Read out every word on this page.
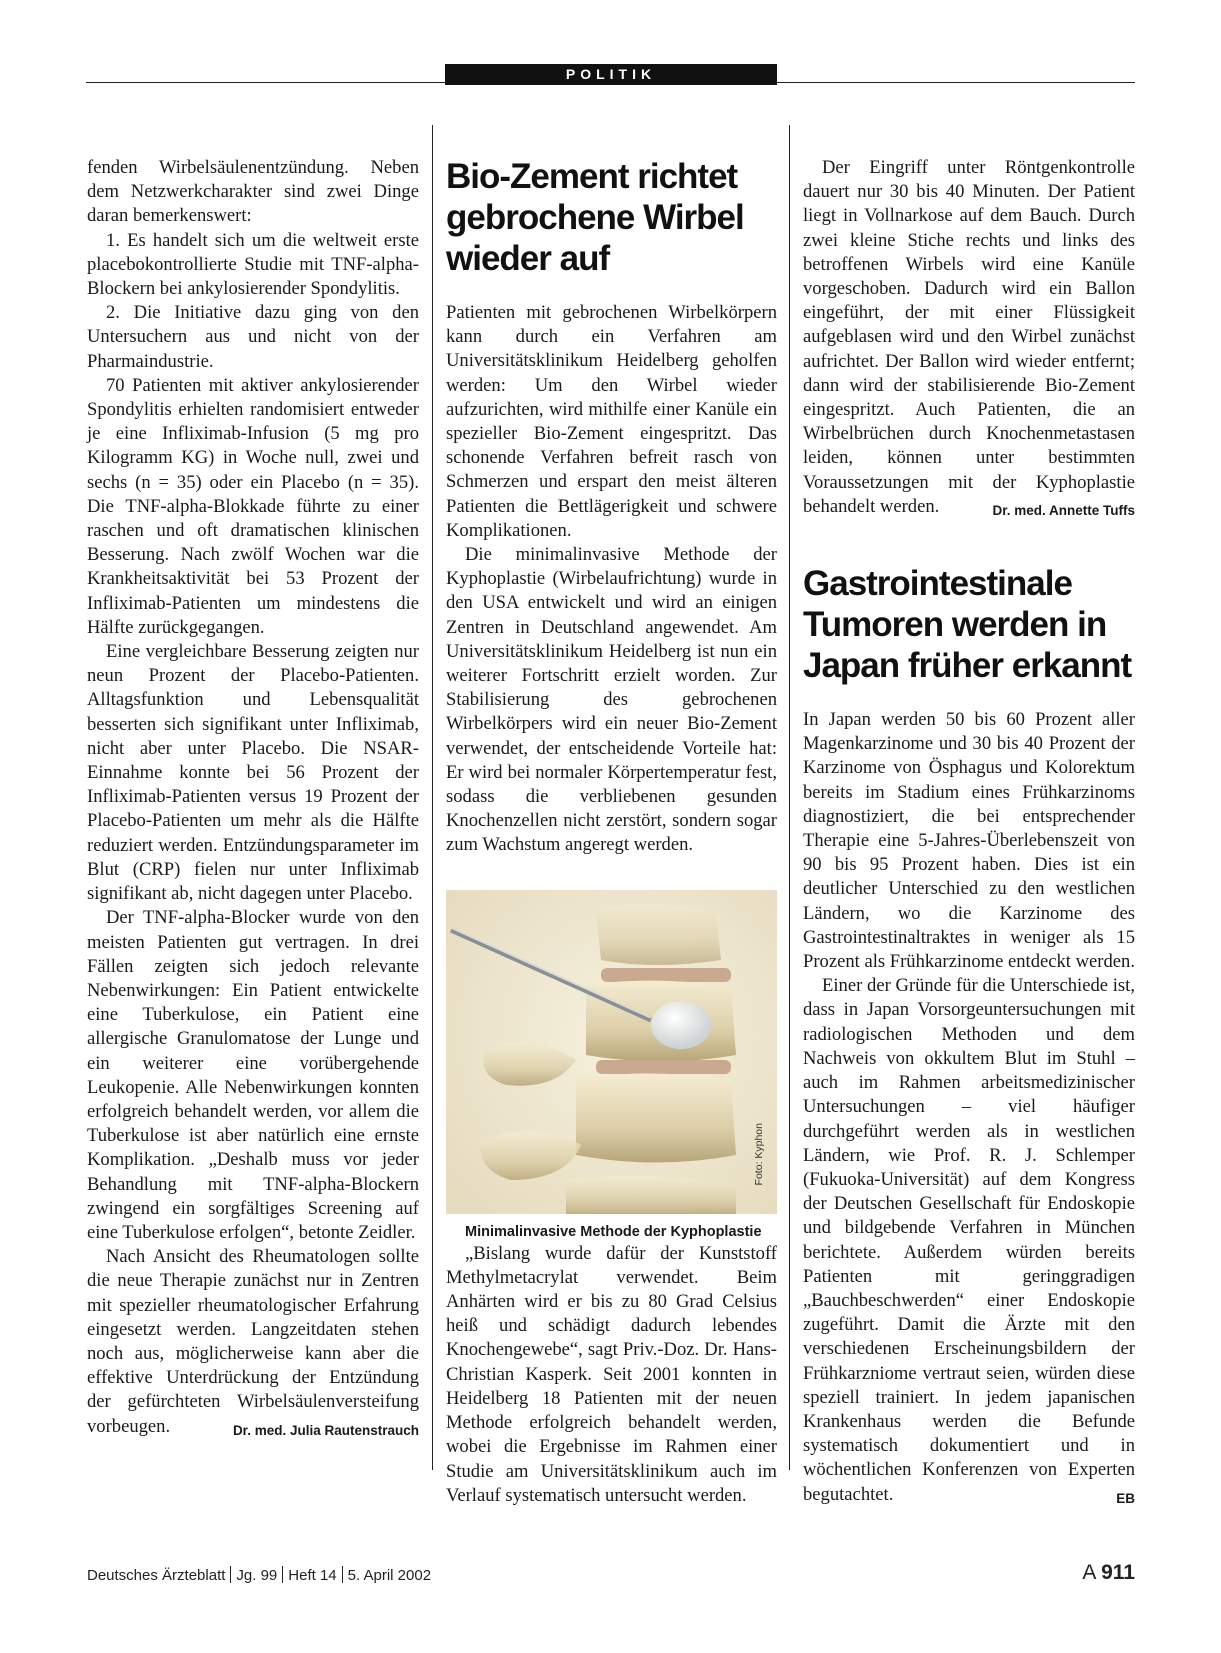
POLITIK

fenden Wirbelsäulenentzündung. Neben dem Netzwerkcharakter sind zwei Dinge daran bemerkenswert:

1. Es handelt sich um die weltweit erste placebokontrollierte Studie mit TNF-alpha-Blockern bei ankylosierender Spondylitis.

2. Die Initiative dazu ging von den Untersuchern aus und nicht von der Pharmaindustrie.

70 Patienten mit aktiver ankylosierender Spondylitis erhielten randomisiert entweder je eine Infliximab-Infusion (5 mg pro Kilogramm KG) in Woche null, zwei und sechs (n = 35) oder ein Placebo (n = 35). Die TNF-alpha-Blokkade führte zu einer raschen und oft dramatischen klinischen Besserung. Nach zwölf Wochen war die Krankheitsaktivität bei 53 Prozent der Infliximab-Patienten um mindestens die Hälfte zurückgegangen.

Eine vergleichbare Besserung zeigten nur neun Prozent der Placebo-Patienten. Alltagsfunktion und Lebensqualität besserten sich signifikant unter Infliximab, nicht aber unter Placebo. Die NSAR-Einnahme konnte bei 56 Prozent der Infliximab-Patienten versus 19 Prozent der Placebo-Patienten um mehr als die Hälfte reduziert werden. Entzündungsparameter im Blut (CRP) fielen nur unter Infliximab signifikant ab, nicht dagegen unter Placebo.

Der TNF-alpha-Blocker wurde von den meisten Patienten gut vertragen. In drei Fällen zeigten sich jedoch relevante Nebenwirkungen: Ein Patient entwickelte eine Tuberkulose, ein Patient eine allergische Granulomatose der Lunge und ein weiterer eine vorübergehende Leukopenie. Alle Nebenwirkungen konnten erfolgreich behandelt werden, vor allem die Tuberkulose ist aber natürlich eine ernste Komplikation. „Deshalb muss vor jeder Behandlung mit TNF-alpha-Blockern zwingend ein sorgfältiges Screening auf eine Tuberkulose erfolgen“, betonte Zeidler.

Nach Ansicht des Rheumatologen sollte die neue Therapie zunächst nur in Zentren mit spezieller rheumatologischer Erfahrung eingesetzt werden. Langzeitdaten stehen noch aus, möglicherweise kann aber die effektive Unterdrückung der Entzündung der gefürchteten Wirbelsäulenversteifung vorbeugen.	Dr. med. Julia Rautenstrauch

Bio-Zement richtet gebrochene Wirbel wieder auf

Patienten mit gebrochenen Wirbelkörpern kann durch ein Verfahren am Universitätsklinikum Heidelberg geholfen werden: Um den Wirbel wieder aufzurichten, wird mithilfe einer Kanüle ein spezieller Bio-Zement eingespritzt. Das schonende Verfahren befreit rasch von Schmerzen und erspart den meist älteren Patienten die Bettlägerigkeit und schwere Komplikationen.

Die minimalinvasive Methode der Kyphoplastie (Wirbelaufrichtung) wurde in den USA entwickelt und wird an einigen Zentren in Deutschland angewendet. Am Universitätsklinikum Heidelberg ist nun ein weiterer Fortschritt erzielt worden. Zur Stabilisierung des gebrochenen Wirbelkörpers wird ein neuer Bio-Zement verwendet, der entscheidende Vorteile hat: Er wird bei normaler Körpertemperatur fest, sodass die verbliebenen gesunden Knochenzellen nicht zerstört, sondern sogar zum Wachstum angeregt werden.

Foto: Kyphon

Minimalinvasive Methode der Kyphoplastie

„Bislang wurde dafür der Kunststoff Methylmetacrylat verwendet. Beim Anhärten wird er bis zu 80 Grad Celsius heiß und schädigt dadurch lebendes Knochengewebe“, sagt Priv.-Doz. Dr. Hans-Christian Kasperk. Seit 2001 konnten in Heidelberg 18 Patienten mit der neuen Methode erfolgreich behandelt werden, wobei die Ergebnisse im Rahmen einer Studie am Universitätsklinikum auch im Verlauf systematisch untersucht werden.

Der Eingriff unter Röntgenkontrolle dauert nur 30 bis 40 Minuten. Der Patient liegt in Vollnarkose auf dem Bauch. Durch zwei kleine Stiche rechts und links des betroffenen Wirbels wird eine Kanüle vorgeschoben. Dadurch wird ein Ballon eingeführt, der mit einer Flüssigkeit aufgeblasen wird und den Wirbel zunächst aufrichtet. Der Ballon wird wieder entfernt; dann wird der stabilisierende Bio-Zement eingespritzt. Auch Patienten, die an Wirbelbrüchen durch Knochenmetastasen leiden, können unter bestimmten Voraussetzungen mit der Kyphoplastie behandelt werden.	Dr. med. Annette Tuffs

Gastrointestinale Tumoren werden in Japan früher erkannt

In Japan werden 50 bis 60 Prozent aller Magenkarzinome und 30 bis 40 Prozent der Karzinome von Ösphagus und Kolorektum bereits im Stadium eines Frühkarzinoms diagnostiziert, die bei entsprechender Therapie eine 5-Jahres-Überlebenszeit von 90 bis 95 Prozent haben. Dies ist ein deutlicher Unterschied zu den westlichen Ländern, wo die Karzinome des Gastrointestinaltraktes in weniger als 15 Prozent als Frühkarzinome entdeckt werden.

Einer der Gründe für die Unterschiede ist, dass in Japan Vorsorgeuntersuchungen mit radiologischen Methoden und dem Nachweis von okkultem Blut im Stuhl – auch im Rahmen arbeitsmedizinischer Untersuchungen – viel häufiger durchgeführt werden als in westlichen Ländern, wie Prof. R. J. Schlemper (Fukuoka-Universität) auf dem Kongress der Deutschen Gesellschaft für Endoskopie und bildgebende Verfahren in München berichtete. Außerdem würden bereits Patienten mit geringgradigen „Bauchbeschwerden“ einer Endoskopie zugeführt. Damit die Ärzte mit den verschiedenen Erscheinungsbildern der Frühkarzniome vertraut seien, würden diese speziell trainiert. In jedem japanischen Krankenhaus werden die Befunde systematisch dokumentiert und in wöchentlichen Konferenzen von Experten begutachtet.	EB

Deutsches Ärzteblatt Jg. 99 Heft 14 5. April 2002	A 911
